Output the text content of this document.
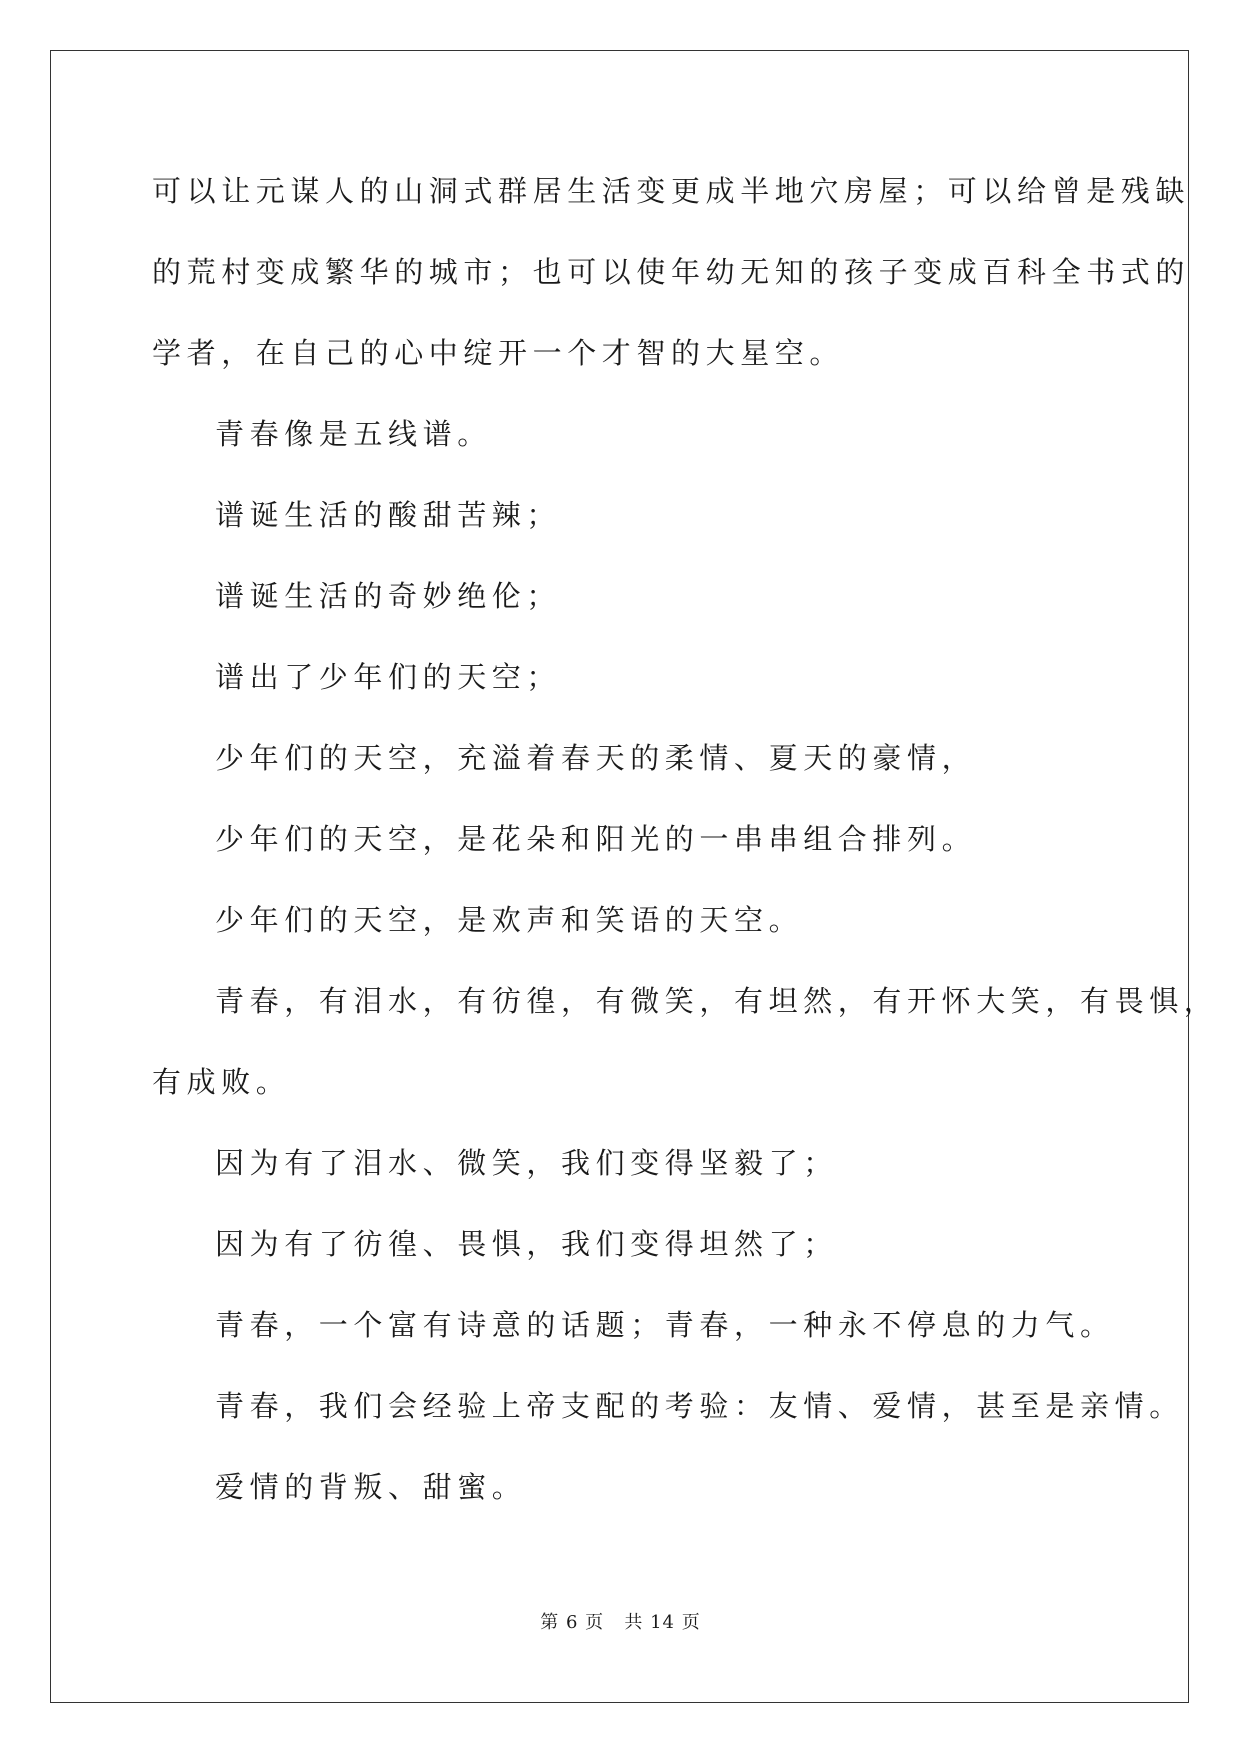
可以让元谋人的山洞式群居生活变更成半地穴房屋；可以给曾是残缺
的荒村变成繁华的城市；也可以使年幼无知的孩子变成百科全书式的
学者，在自己的心中绽开一个才智的大星空。
青春像是五线谱。
谱诞生活的酸甜苦辣；
谱诞生活的奇妙绝伦；
谱出了少年们的天空；
少年们的天空，充溢着春天的柔情、夏天的豪情，
少年们的天空，是花朵和阳光的一串串组合排列。
少年们的天空，是欢声和笑语的天空。
青春，有泪水，有彷徨，有微笑，有坦然，有开怀大笑，有畏惧，
有成败。
因为有了泪水、微笑，我们变得坚毅了；
因为有了彷徨、畏惧，我们变得坦然了；
青春，一个富有诗意的话题；青春，一种永不停息的力气。
青春，我们会经验上帝支配的考验：友情、爱情，甚至是亲情。
爱情的背叛、甜蜜。
第 6 页   共 14 页
